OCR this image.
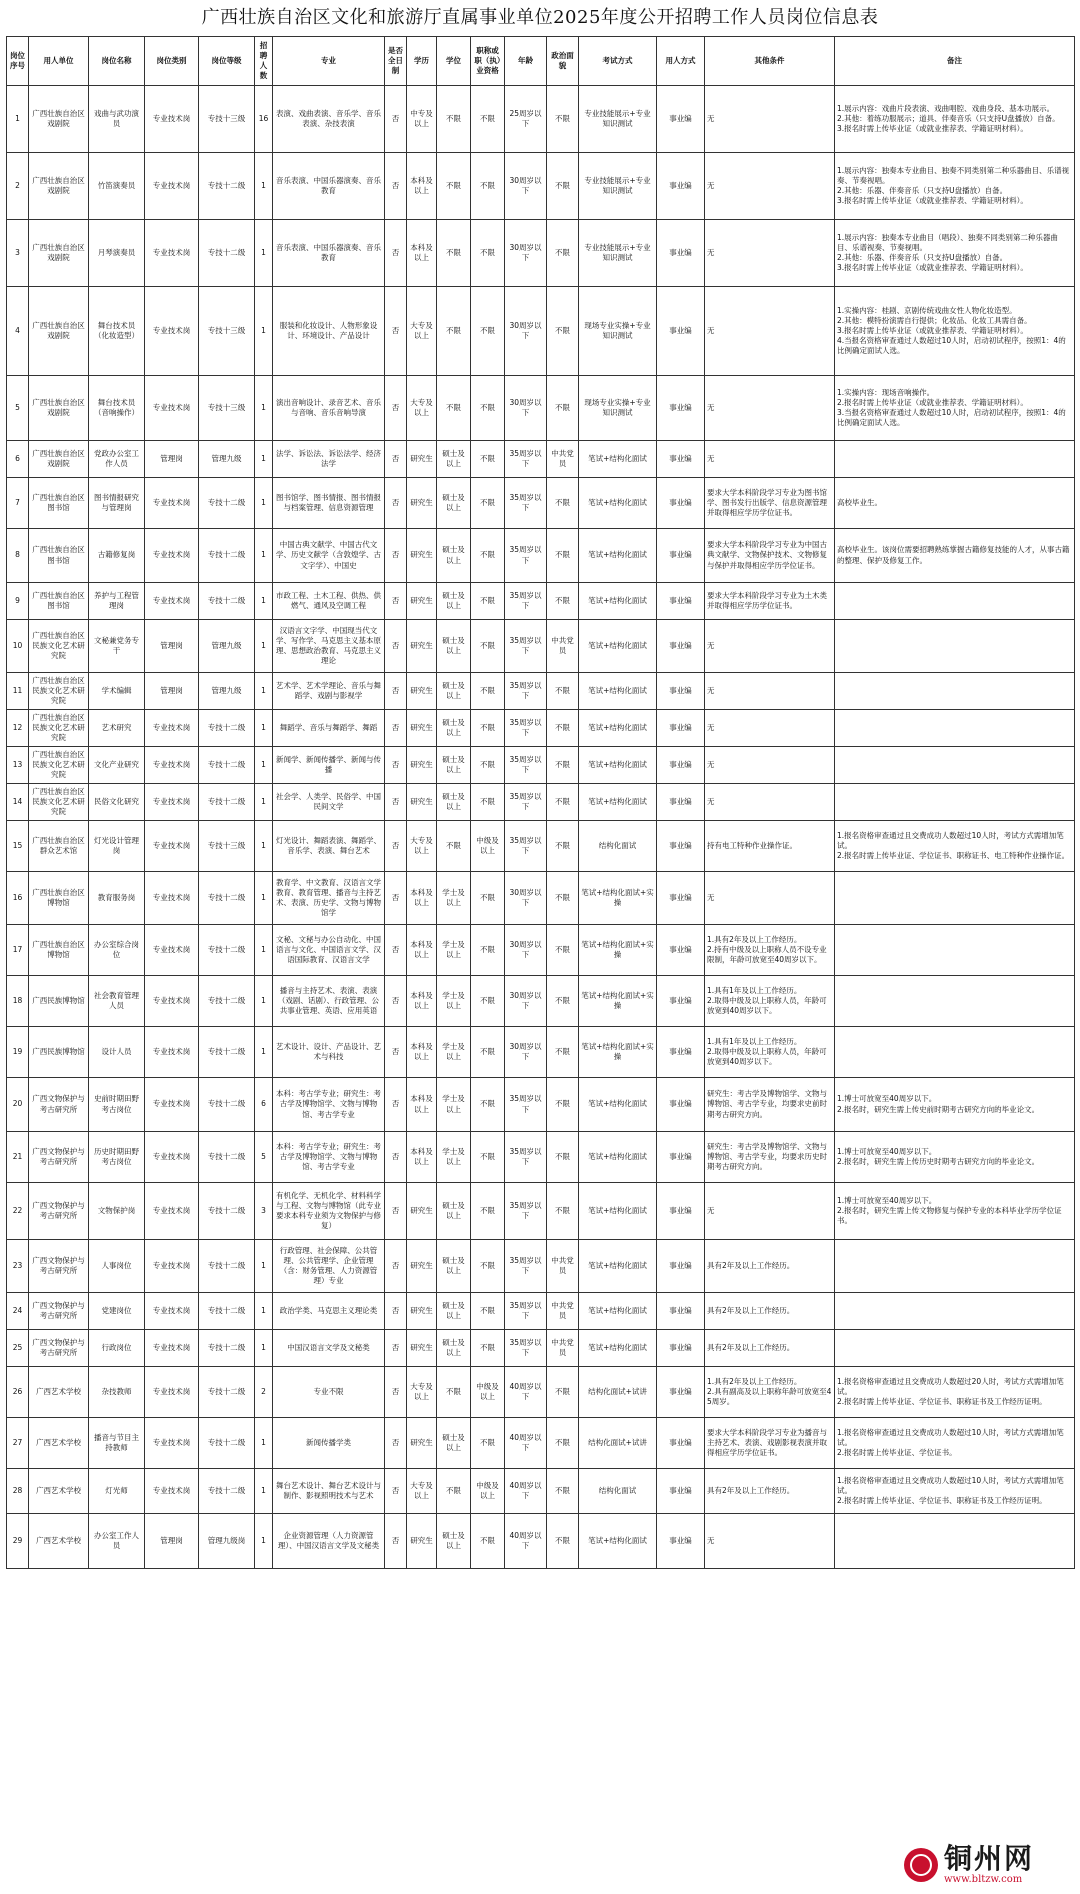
广西壮族自治区文化和旅游厅直属事业单位2025年度公开招聘工作人员岗位信息表
岗位序号	用人单位	岗位名称	岗位类别	岗位等级	招聘人数	专业	是否全日制	学历	学位	职称或职（执）业资格	年龄	政治面貌	考试方式	用人方式	其他条件	备注
1	广西壮族自治区戏剧院	戏曲与武功演员	专业技术岗	专技十三级	16	表演、戏曲表演、音乐学、音乐表演、杂技表演	否	中专及以上	不限	不限	25周岁以下	不限	专业技能展示+专业知识测试	事业编	无	1.展示内容：戏曲片段表演、戏曲唱腔、戏曲身段、基本功展示。
2.其他：着练功服展示；道具、伴奏音乐（只支持U盘播放）自备。
3.报名时需上传毕业证（或就业推荐表、学籍证明材料）。
2	广西壮族自治区戏剧院	竹笛演奏员	专业技术岗	专技十二级	1	音乐表演、中国乐器演奏、音乐教育	否	本科及以上	不限	不限	30周岁以下	不限	专业技能展示+专业知识测试	事业编	无	1.展示内容：独奏本专业曲目、独奏不同类别第二种乐器曲目、乐谱视奏、节奏视唱。
2.其他：乐器、伴奏音乐（只支持U盘播放）自备。
3.报名时需上传毕业证（或就业推荐表、学籍证明材料）。
3	广西壮族自治区戏剧院	月琴演奏员	专业技术岗	专技十二级	1	音乐表演、中国乐器演奏、音乐教育	否	本科及以上	不限	不限	30周岁以下	不限	专业技能展示+专业知识测试	事业编	无	1.展示内容：独奏本专业曲目（唱段）、独奏不同类别第二种乐器曲目、乐谱视奏、节奏视唱。
2.其他：乐器、伴奏音乐（只支持U盘播放）自备。
3.报名时需上传毕业证（或就业推荐表、学籍证明材料）。
4	广西壮族自治区戏剧院	舞台技术员（化妆造型）	专业技术岗	专技十三级	1	服装和化妆设计、人物形象设计、环境设计、产品设计	否	大专及以上	不限	不限	30周岁以下	不限	现场专业实操+专业知识测试	事业编	无	1.实操内容：桂剧、京剧传统戏曲女性人物化妆造型。
2.其他：模特扮演需自行提供；化妆品、化妆工具需自备。
3.报名时需上传毕业证（或就业推荐表、学籍证明材料）。
4.当报名资格审查通过人数超过10人时，启动初试程序，按照1：4的比例确定面试人选。
5	广西壮族自治区戏剧院	舞台技术员（音响操作）	专业技术岗	专技十三级	1	演出音响设计、录音艺术、音乐与音响、音乐音响导演	否	大专及以上	不限	不限	30周岁以下	不限	现场专业实操+专业知识测试	事业编	无	1.实操内容：现场音响操作。
2.报名时需上传毕业证（或就业推荐表、学籍证明材料）。
3.当报名资格审查通过人数超过10人时，启动初试程序，按照1：4的比例确定面试人选。
6	广西壮族自治区戏剧院	党政办公室工作人员	管理岗	管理九级	1	法学、诉讼法、诉讼法学、经济法学	否	研究生	硕士及以上	不限	35周岁以下	中共党员	笔试+结构化面试	事业编	无	
7	广西壮族自治区图书馆	图书情报研究与管理岗	专业技术岗	专技十二级	1	图书馆学、图书情报、图书情报与档案管理、信息资源管理	否	研究生	硕士及以上	不限	35周岁以下	不限	笔试+结构化面试	事业编	要求大学本科阶段学习专业为图书馆学、图书发行出版学、信息资源管理并取得相应学历学位证书。	高校毕业生。
8	广西壮族自治区图书馆	古籍修复岗	专业技术岗	专技十二级	1	中国古典文献学、中国古代文学、历史文献学（含敦煌学、古文字学）、中国史	否	研究生	硕士及以上	不限	35周岁以下	不限	笔试+结构化面试	事业编	要求大学本科阶段学习专业为中国古典文献学、文物保护技术、文物修复与保护并取得相应学历学位证书。	高校毕业生。该岗位需要招聘熟练掌握古籍修复技能的人才，从事古籍的整理、保护及修复工作。
9	广西壮族自治区图书馆	养护与工程管理岗	专业技术岗	专技十二级	1	市政工程、土木工程、供热、供燃气、通风及空调工程	否	研究生	硕士及以上	不限	35周岁以下	不限	笔试+结构化面试	事业编	要求大学本科阶段学习专业为土木类并取得相应学历学位证书。	
10	广西壮族自治区民族文化艺术研究院	文秘兼党务专干	管理岗	管理九级	1	汉语言文字学、中国现当代文学、写作学、马克思主义基本原理、思想政治教育、马克思主义理论	否	研究生	硕士及以上	不限	35周岁以下	中共党员	笔试+结构化面试	事业编	无	
11	广西壮族自治区民族文化艺术研究院	学术编辑	管理岗	管理九级	1	艺术学、艺术学理论、音乐与舞蹈学、戏剧与影视学	否	研究生	硕士及以上	不限	35周岁以下	不限	笔试+结构化面试	事业编	无	
12	广西壮族自治区民族文化艺术研究院	艺术研究	专业技术岗	专技十二级	1	舞蹈学、音乐与舞蹈学、舞蹈	否	研究生	硕士及以上	不限	35周岁以下	不限	笔试+结构化面试	事业编	无	
13	广西壮族自治区民族文化艺术研究院	文化产业研究	专业技术岗	专技十二级	1	新闻学、新闻传播学、新闻与传播	否	研究生	硕士及以上	不限	35周岁以下	不限	笔试+结构化面试	事业编	无	
14	广西壮族自治区民族文化艺术研究院	民俗文化研究	专业技术岗	专技十二级	1	社会学、人类学、民俗学、中国民间文学	否	研究生	硕士及以上	不限	35周岁以下	不限	笔试+结构化面试	事业编	无	
15	广西壮族自治区群众艺术馆	灯光设计管理岗	专业技术岗	专技十三级	1	灯光设计、舞蹈表演、舞蹈学、音乐学、表演、舞台艺术	否	大专及以上	不限	中级及以上	35周岁以下	不限	结构化面试	事业编	持有电工特种作业操作证。	1.报名资格审查通过且交费成功人数超过10人时，考试方式需增加笔试。
2.报名时需上传毕业证、学位证书、职称证书、电工特种作业操作证。
16	广西壮族自治区博物馆	教育服务岗	专业技术岗	专技十二级	1	教育学、中文教育、汉语言文学教育、教育管理、播音与主持艺术、表演、历史学、文物与博物馆学	否	本科及以上	学士及以上	不限	30周岁以下	不限	笔试+结构化面试+实操	事业编	无	
17	广西壮族自治区博物馆	办公室综合岗位	专业技术岗	专技十二级	1	文秘、文秘与办公自动化、中国语言与文化、中国语言文学、汉语国际教育、汉语言文学	否	本科及以上	学士及以上	不限	30周岁以下	不限	笔试+结构化面试+实操	事业编	1.具有2年及以上工作经历。
2.持有中级及以上职称人员不设专业限制，年龄可放宽至40周岁以下。	
18	广西民族博物馆	社会教育管理人员	专业技术岗	专技十二级	1	播音与主持艺术、表演、表演（戏剧、话剧）、行政管理、公共事业管理、英语、应用英语	否	本科及以上	学士及以上	不限	30周岁以下	不限	笔试+结构化面试+实操	事业编	1.具有1年及以上工作经历。
2.取得中级及以上职称人员，年龄可放宽到40周岁以下。	
19	广西民族博物馆	设计人员	专业技术岗	专技十二级	1	艺术设计、设计、产品设计、艺术与科技	否	本科及以上	学士及以上	不限	30周岁以下	不限	笔试+结构化面试+实操	事业编	1.具有1年及以上工作经历。
2.取得中级及以上职称人员，年龄可放宽到40周岁以下。	
20	广西文物保护与考古研究所	史前时期田野考古岗位	专业技术岗	专技十二级	6	本科：考古学专业；研究生：考古学及博物馆学、文物与博物馆、考古学专业	否	本科及以上	学士及以上	不限	35周岁以下	不限	笔试+结构化面试	事业编	研究生：考古学及博物馆学、文物与博物馆、考古学专业，均要求史前时期考古研究方向。	1.博士可放宽至40周岁以下。
2.报名时，研究生需上传史前时期考古研究方向的毕业论文。
21	广西文物保护与考古研究所	历史时期田野考古岗位	专业技术岗	专技十二级	5	本科：考古学专业；研究生：考古学及博物馆学、文物与博物馆、考古学专业	否	本科及以上	学士及以上	不限	35周岁以下	不限	笔试+结构化面试	事业编	研究生：考古学及博物馆学、文物与博物馆、考古学专业，均要求历史时期考古研究方向。	1.博士可放宽至40周岁以下。
2.报名时，研究生需上传历史时期考古研究方向的毕业论文。
22	广西文物保护与考古研究所	文物保护岗	专业技术岗	专技十二级	3	有机化学、无机化学、材料科学与工程、文物与博物馆（此专业要求本科专业须为文物保护与修复）	否	研究生	硕士及以上	不限	35周岁以下	不限	笔试+结构化面试	事业编	无	1.博士可放宽至40周岁以下。
2.报名时，研究生需上传文物修复与保护专业的本科毕业学历学位证书。
23	广西文物保护与考古研究所	人事岗位	专业技术岗	专技十二级	1	行政管理、社会保障、公共管理、公共管理学、企业管理（含：财务管理、人力资源管理）专业	否	研究生	硕士及以上	不限	35周岁以下	中共党员	笔试+结构化面试	事业编	具有2年及以上工作经历。	
24	广西文物保护与考古研究所	党建岗位	专业技术岗	专技十二级	1	政治学类、马克思主义理论类	否	研究生	硕士及以上	不限	35周岁以下	中共党员	笔试+结构化面试	事业编	具有2年及以上工作经历。	
25	广西文物保护与考古研究所	行政岗位	专业技术岗	专技十二级	1	中国汉语言文学及文秘类	否	研究生	硕士及以上	不限	35周岁以下	中共党员	笔试+结构化面试	事业编	具有2年及以上工作经历。	
26	广西艺术学校	杂技教师	专业技术岗	专技十二级	2	专业不限	否	大专及以上	不限	中级及以上	40周岁以下	不限	结构化面试+试讲	事业编	1.具有2年及以上工作经历。
2.具有副高及以上职称年龄可放宽至45周岁。	1.报名资格审查通过且交费成功人数超过20人时，考试方式需增加笔试。
2.报名时需上传毕业证、学位证书、职称证书及工作经历证明。
27	广西艺术学校	播音与节目主持教师	专业技术岗	专技十二级	1	新闻传播学类	否	研究生	硕士及以上	不限	40周岁以下	不限	结构化面试+试讲	事业编	要求大学本科阶段学习专业为播音与主持艺术、表演、戏剧影视表演并取得相应学历学位证书。	1.报名资格审查通过且交费成功人数超过10人时，考试方式需增加笔试。
2.报名时需上传毕业证、学位证书。
28	广西艺术学校	灯光师	专业技术岗	专技十二级	1	舞台艺术设计、舞台艺术设计与制作、影视照明技术与艺术	否	大专及以上	不限	中级及以上	40周岁以下	不限	结构化面试	事业编	具有2年及以上工作经历。	1.报名资格审查通过且交费成功人数超过10人时，考试方式需增加笔试。
2.报名时需上传毕业证、学位证书、职称证书及工作经历证明。
29	广西艺术学校	办公室工作人员	管理岗	管理九级岗	1	企业资源管理（人力资源管理）、中国汉语言文学及文秘类	否	研究生	硕士及以上	不限	40周岁以下	不限	笔试+结构化面试	事业编	无	
铜州网
www.bltzw.com
